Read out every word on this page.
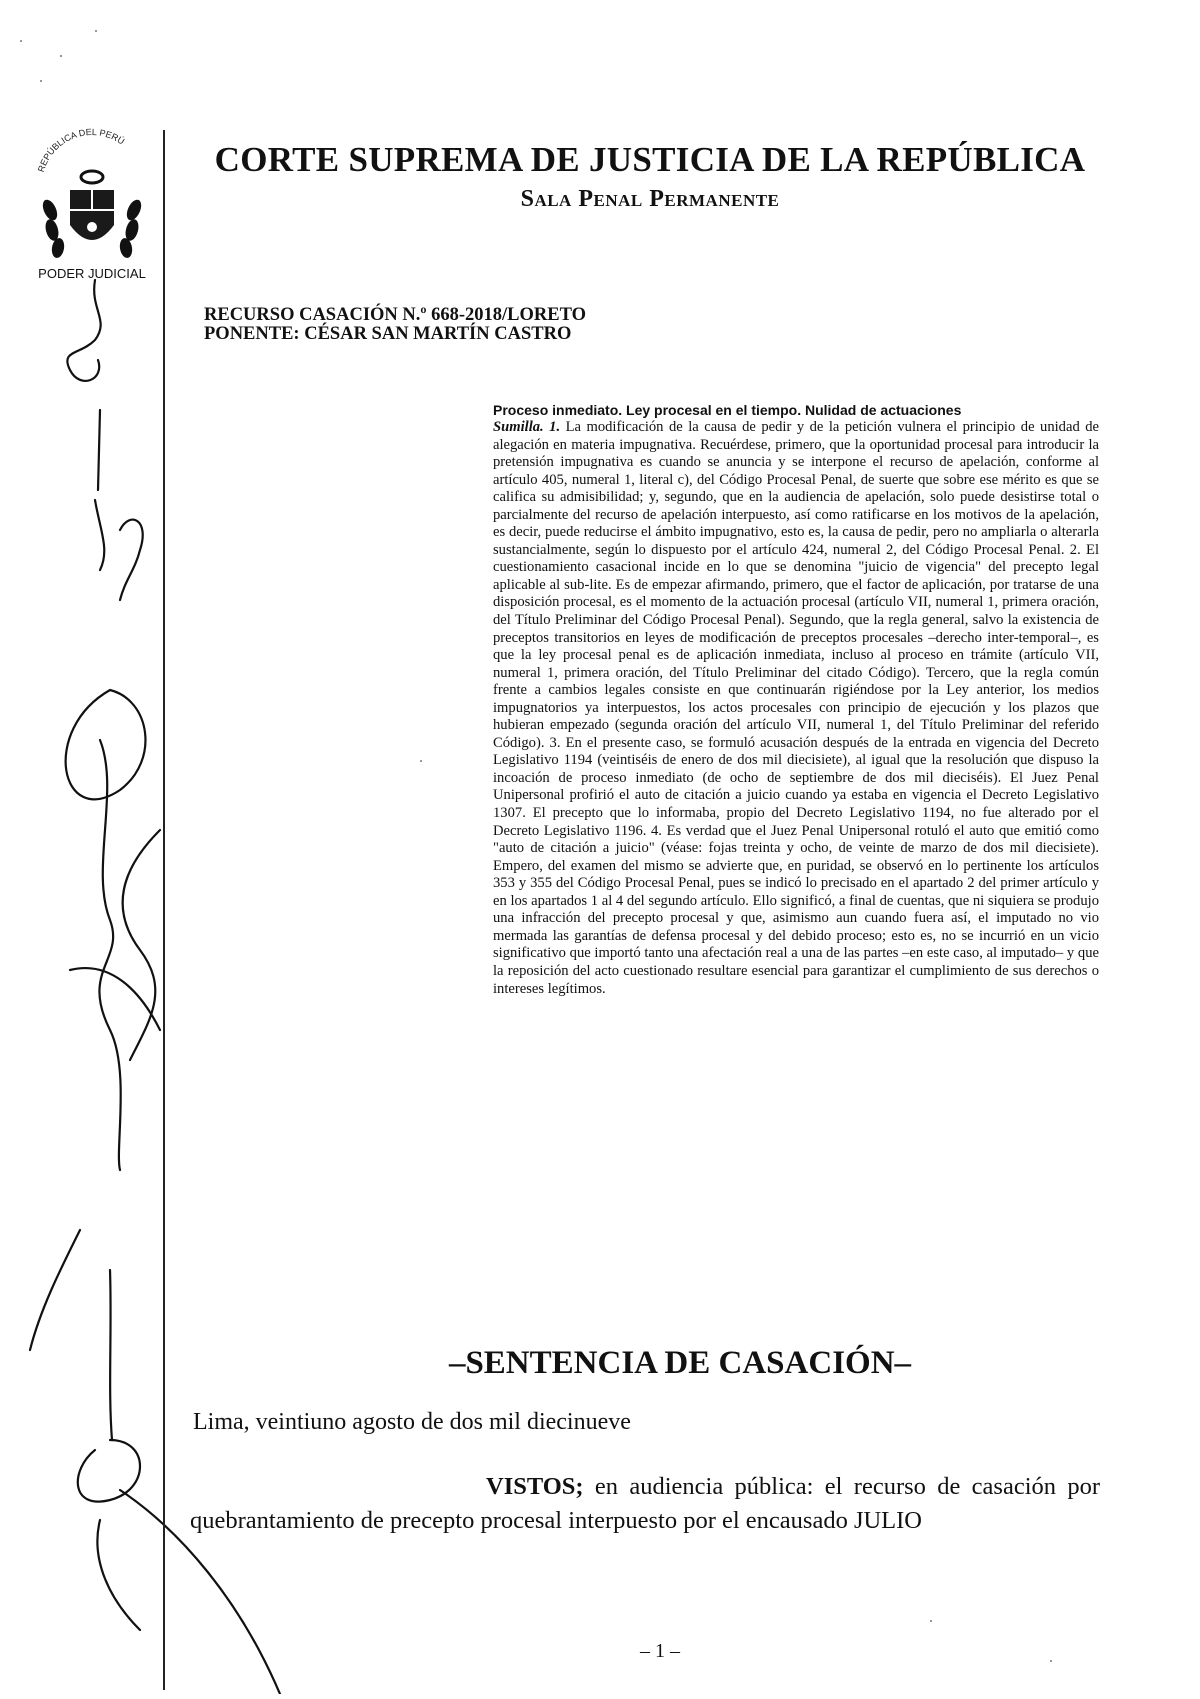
REPÚBLICA DEL PERÚ
PODER JUDICIAL
CORTE SUPREMA DE JUSTICIA DE LA REPÚBLICA
Sala Penal Permanente
RECURSO CASACIÓN N.º 668-2018/LORETO
PONENTE: CÉSAR SAN MARTÍN CASTRO
Proceso inmediato. Ley procesal en el tiempo. Nulidad de actuaciones
Sumilla. 1. La modificación de la causa de pedir y de la petición vulnera el principio de unidad de alegación en materia impugnativa. Recuérdese, primero, que la oportunidad procesal para introducir la pretensión impugnativa es cuando se anuncia y se interpone el recurso de apelación, conforme al artículo 405, numeral 1, literal c), del Código Procesal Penal, de suerte que sobre ese mérito es que se califica su admisibilidad; y, segundo, que en la audiencia de apelación, solo puede desistirse total o parcialmente del recurso de apelación interpuesto, así como ratificarse en los motivos de la apelación, es decir, puede reducirse el ámbito impugnativo, esto es, la causa de pedir, pero no ampliarla o alterarla sustancialmente, según lo dispuesto por el artículo 424, numeral 2, del Código Procesal Penal. 2. El cuestionamiento casacional incide en lo que se denomina "juicio de vigencia" del precepto legal aplicable al sub-lite. Es de empezar afirmando, primero, que el factor de aplicación, por tratarse de una disposición procesal, es el momento de la actuación procesal (artículo VII, numeral 1, primera oración, del Título Preliminar del Código Procesal Penal). Segundo, que la regla general, salvo la existencia de preceptos transitorios en leyes de modificación de preceptos procesales –derecho inter-temporal–, es que la ley procesal penal es de aplicación inmediata, incluso al proceso en trámite (artículo VII, numeral 1, primera oración, del Título Preliminar del citado Código). Tercero, que la regla común frente a cambios legales consiste en que continuarán rigiéndose por la Ley anterior, los medios impugnatorios ya interpuestos, los actos procesales con principio de ejecución y los plazos que hubieran empezado (segunda oración del artículo VII, numeral 1, del Título Preliminar del referido Código). 3. En el presente caso, se formuló acusación después de la entrada en vigencia del Decreto Legislativo 1194 (veintiséis de enero de dos mil diecisiete), al igual que la resolución que dispuso la incoación de proceso inmediato (de ocho de septiembre de dos mil dieciséis). El Juez Penal Unipersonal profirió el auto de citación a juicio cuando ya estaba en vigencia el Decreto Legislativo 1307. El precepto que lo informaba, propio del Decreto Legislativo 1194, no fue alterado por el Decreto Legislativo 1196. 4. Es verdad que el Juez Penal Unipersonal rotuló el auto que emitió como "auto de citación a juicio" (véase: fojas treinta y ocho, de veinte de marzo de dos mil diecisiete). Empero, del examen del mismo se advierte que, en puridad, se observó en lo pertinente los artículos 353 y 355 del Código Procesal Penal, pues se indicó lo precisado en el apartado 2 del primer artículo y en los apartados 1 al 4 del segundo artículo. Ello significó, a final de cuentas, que ni siquiera se produjo una infracción del precepto procesal y que, asimismo aun cuando fuera así, el imputado no vio mermada las garantías de defensa procesal y del debido proceso; esto es, no se incurrió en un vicio significativo que importó tanto una afectación real a una de las partes –en este caso, al imputado– y que la reposición del acto cuestionado resultare esencial para garantizar el cumplimiento de sus derechos o intereses legítimos.
–SENTENCIA DE CASACIÓN–
Lima, veintiuno agosto de dos mil diecinueve
VISTOS; en audiencia pública: el recurso de casación por quebrantamiento de precepto procesal interpuesto por el encausado JULIO
– 1 –
